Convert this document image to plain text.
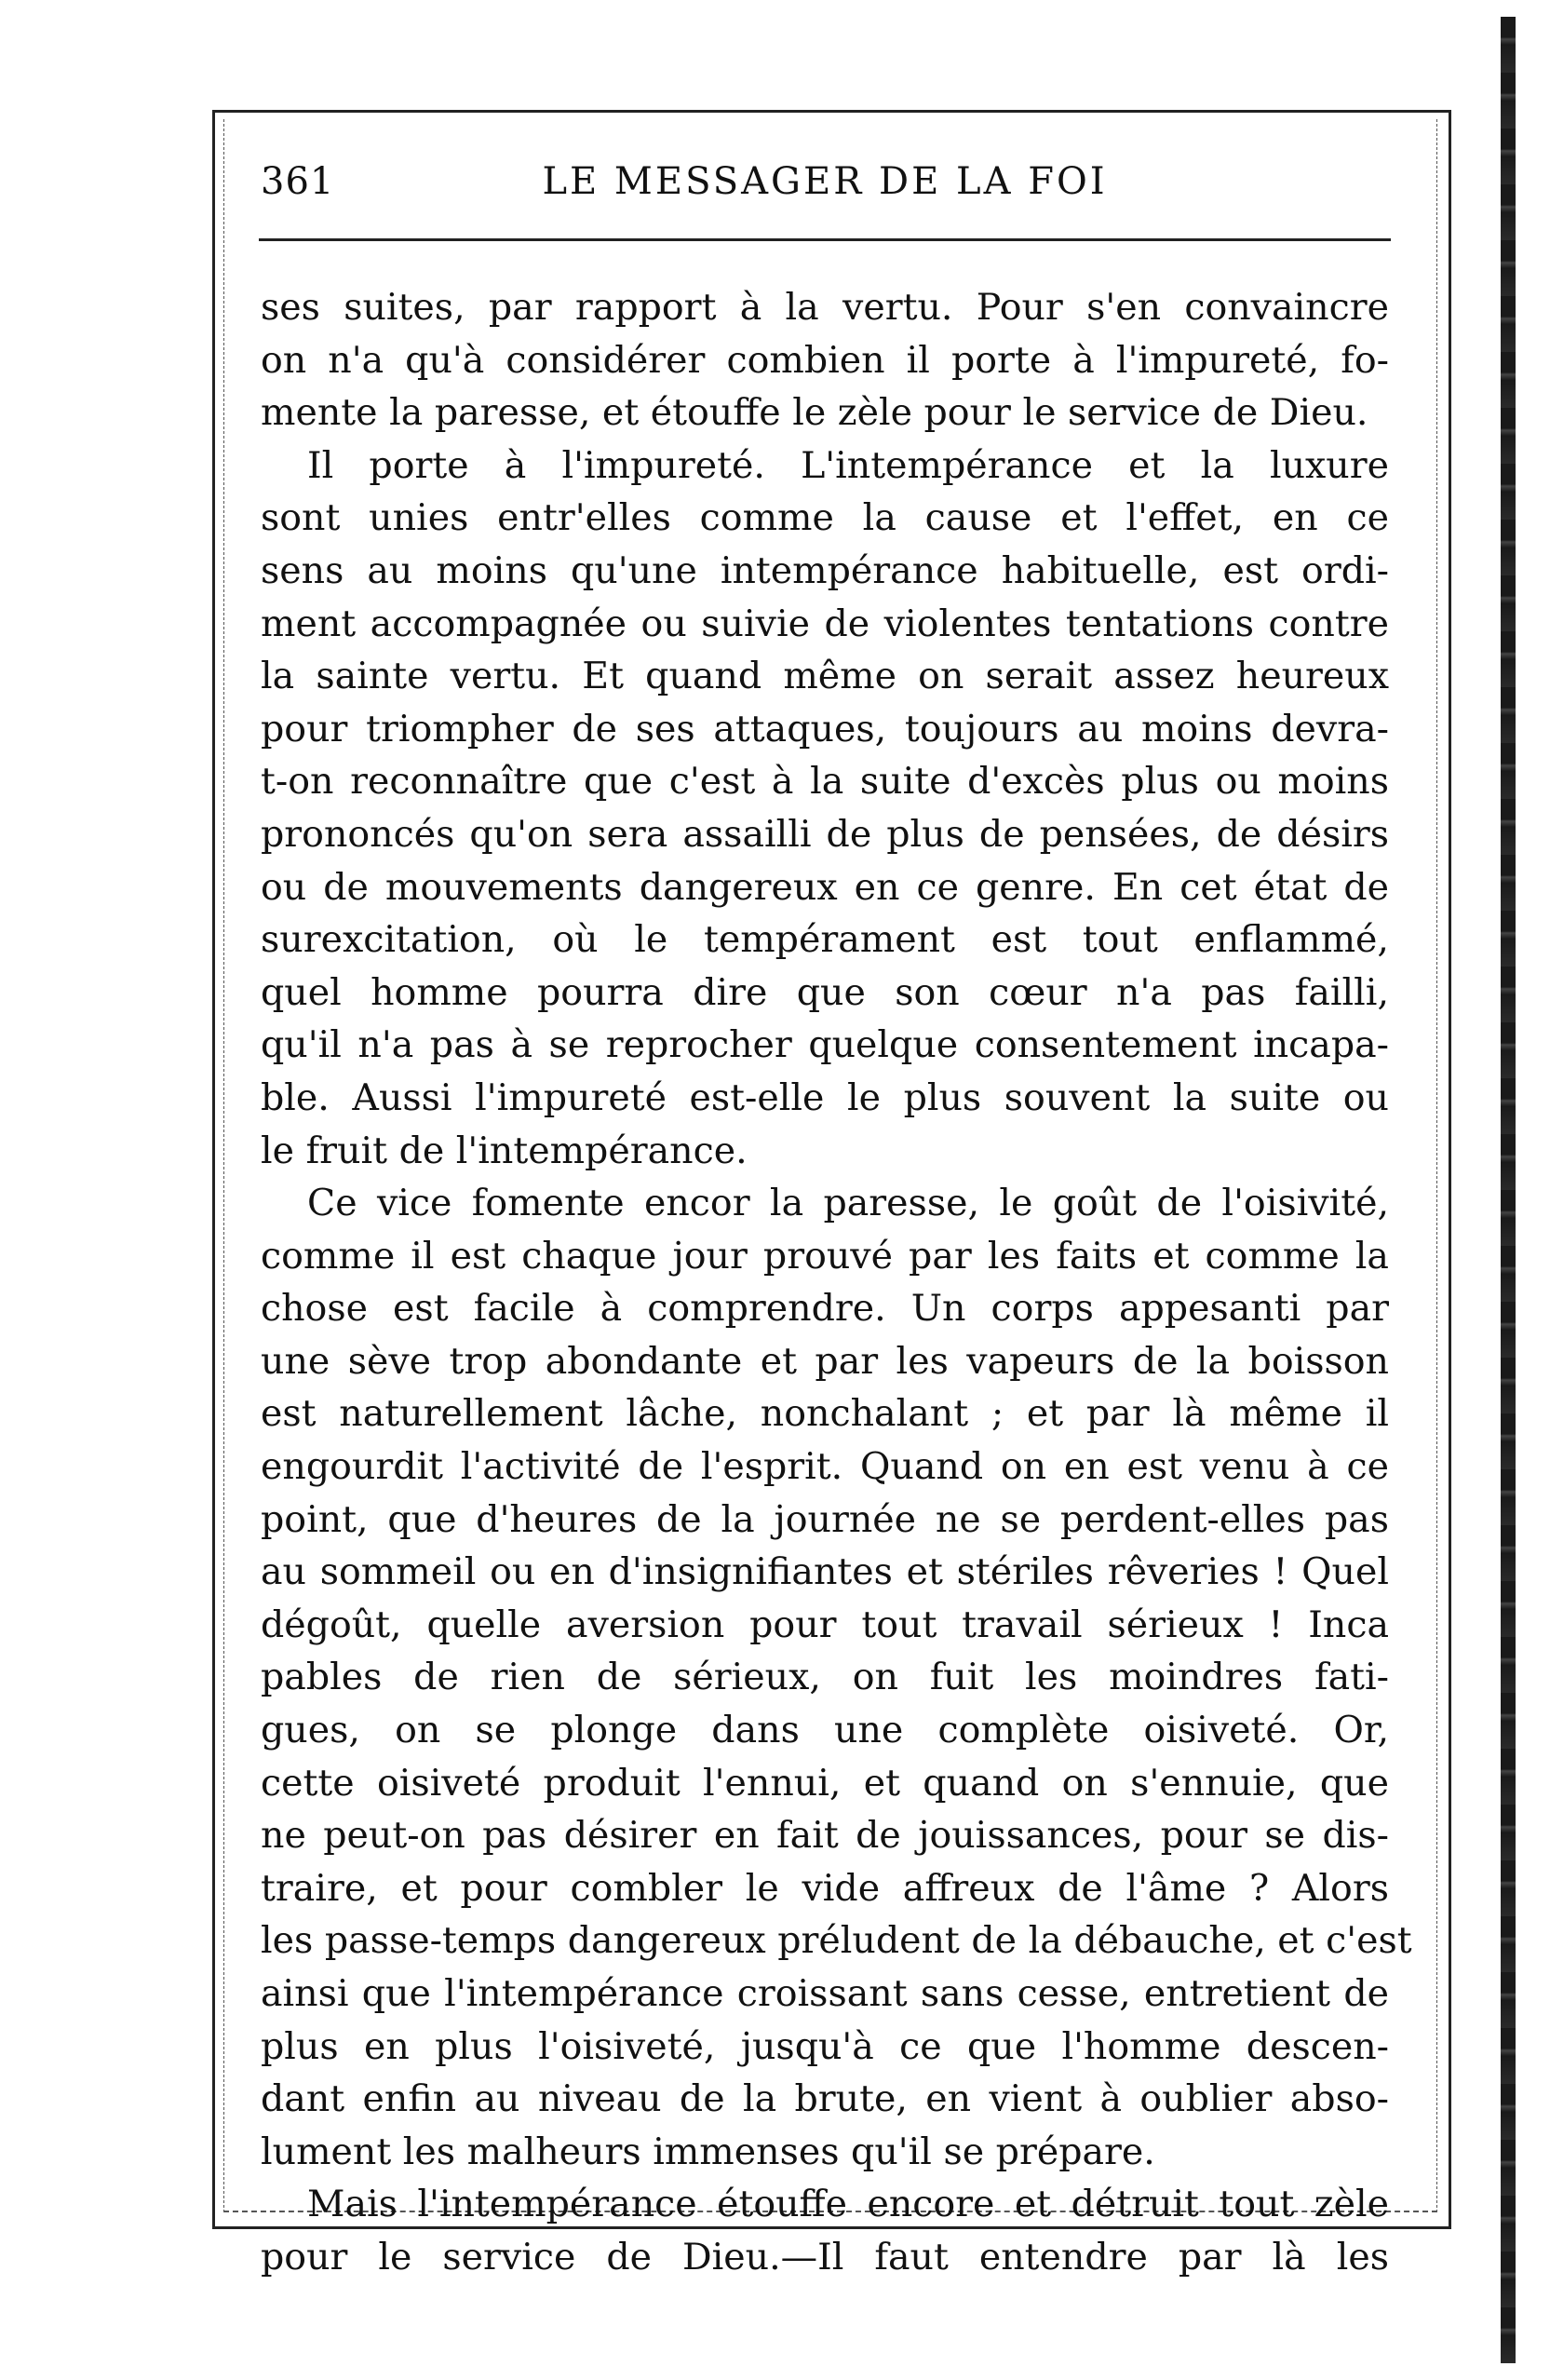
361	LE MESSAGER DE LA FOI
ses suites, par rapport à la vertu. Pour s'en convaincre
on n'a qu'à considérer combien il porte à l'impureté, fo-
mente la paresse, et étouffe le zèle pour le service de Dieu.
Il porte à l'impureté. L'intempérance et la luxure
sont unies entr'elles comme la cause et l'effet, en ce
sens au moins qu'une intempérance habituelle, est ordi-
ment accompagnée ou suivie de violentes tentations contre
la sainte vertu. Et quand même on serait assez heureux
pour triompher de ses attaques, toujours au moins devra-
t-on reconnaître que c'est à la suite d'excès plus ou moins
prononcés qu'on sera assailli de plus de pensées, de désirs
ou de mouvements dangereux en ce genre. En cet état de
surexcitation, où le tempérament est tout enflammé,
quel homme pourra dire que son cœur n'a pas failli,
qu'il n'a pas à se reprocher quelque consentement incapa-
ble. Aussi l'impureté est-elle le plus souvent la suite ou
le fruit de l'intempérance.
Ce vice fomente encor la paresse, le goût de l'oisivité,
comme il est chaque jour prouvé par les faits et comme la
chose est facile à comprendre. Un corps appesanti par
une sève trop abondante et par les vapeurs de la boisson
est naturellement lâche, nonchalant ; et par là même il
engourdit l'activité de l'esprit. Quand on en est venu à ce
point, que d'heures de la journée ne se perdent-elles pas
au sommeil ou en d'insignifiantes et stériles rêveries ! Quel
dégoût, quelle aversion pour tout travail sérieux ! Inca
pables de rien de sérieux, on fuit les moindres fati-
gues, on se plonge dans une complète oisiveté. Or,
cette oisiveté produit l'ennui, et quand on s'ennuie, que
ne peut-on pas désirer en fait de jouissances, pour se dis-
traire, et pour combler le vide affreux de l'âme ? Alors
les passe-temps dangereux préludent de la débauche, et c'est
ainsi que l'intempérance croissant sans cesse, entretient de
plus en plus l'oisiveté, jusqu'à ce que l'homme descen-
dant enfin au niveau de la brute, en vient à oublier abso-
lument les malheurs immenses qu'il se prépare.
Mais l'intempérance étouffe encore et détruit tout zèle
pour le service de Dieu.—Il faut entendre par là les
